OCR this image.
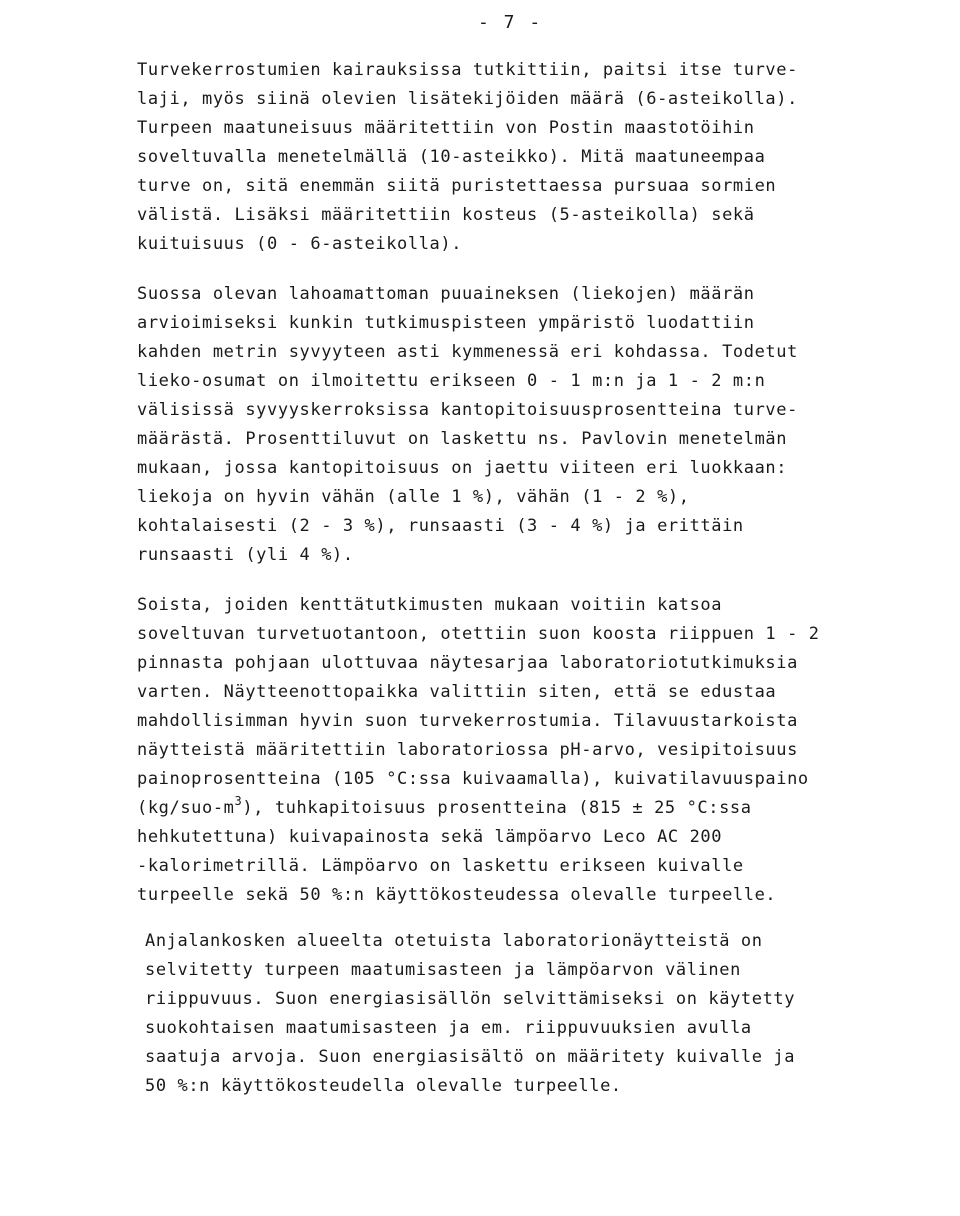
- 7 -
Turvekerrostumien kairauksissa tutkittiin, paitsi itse turve-
laji, myös siinä olevien lisätekijöiden määrä (6-asteikolla).
Turpeen maatuneisuus määritettiin von Postin maastotöihin
soveltuvalla menetelmällä (10-asteikko). Mitä maatuneempaa
turve on, sitä enemmän siitä puristettaessa pursuaa sormien
välistä. Lisäksi määritettiin kosteus (5-asteikolla) sekä
kuituisuus (0 - 6-asteikolla).
Suossa olevan lahoamattoman puuaineksen (liekojen) määrän
arvioimiseksi kunkin tutkimuspisteen ympäristö luodattiin
kahden metrin syvyyteen asti kymmenessä eri kohdassa. Todetut
lieko-osumat on ilmoitettu erikseen 0 - 1 m:n ja 1 - 2 m:n
välisissä syvyyskerroksissa kantopitoisuusprosentteina turve-
määrästä. Prosenttiluvut on laskettu ns. Pavlovin menetelmän
mukaan, jossa kantopitoisuus on jaettu viiteen eri luokkaan:
liekoja on hyvin vähän (alle 1 %), vähän (1 - 2 %),
kohtalaisesti (2 - 3 %), runsaasti (3 - 4 %) ja erittäin
runsaasti (yli 4 %).
Soista, joiden kenttätutkimusten mukaan voitiin katsoa
soveltuvan turvetuotantoon, otettiin suon koosta riippuen 1 - 2
pinnasta pohjaan ulottuvaa näytesarjaa laboratoriotutkimuksia
varten. Näytteenottopaikka valittiin siten, että se edustaa
mahdollisimman hyvin suon turvekerrostumia. Tilavuustarkoista
näytteistä määritettiin laboratoriossa pH-arvo, vesipitoisuus
painoprosentteina (105 °C:ssa kuivaamalla), kuivatilavuuspaino
$(kg/suo-m^3)$, tuhkapitoisuus prosentteina (815 ± 25 °C:ssa
hehkutettuna) kuivapainosta sekä lämpöarvo Leco AC 200
-kalorimetrillä. Lämpöarvo on laskettu erikseen kuivalle
turpeelle sekä 50 %:n käyttökosteudessa olevalle turpeelle.
Anjalankosken alueelta otetuista laboratorionäytteistä on
selvitetty turpeen maatumisasteen ja lämpöarvon välinen
riippuvuus. Suon energiasisällön selvittämiseksi on käytetty
suokohtaisen maatumisasteen ja em. riippuvuuksien avulla
saatuja arvoja. Suon energiasisältö on määritety kuivalle ja
50 %:n käyttökosteudella olevalle turpeelle.
